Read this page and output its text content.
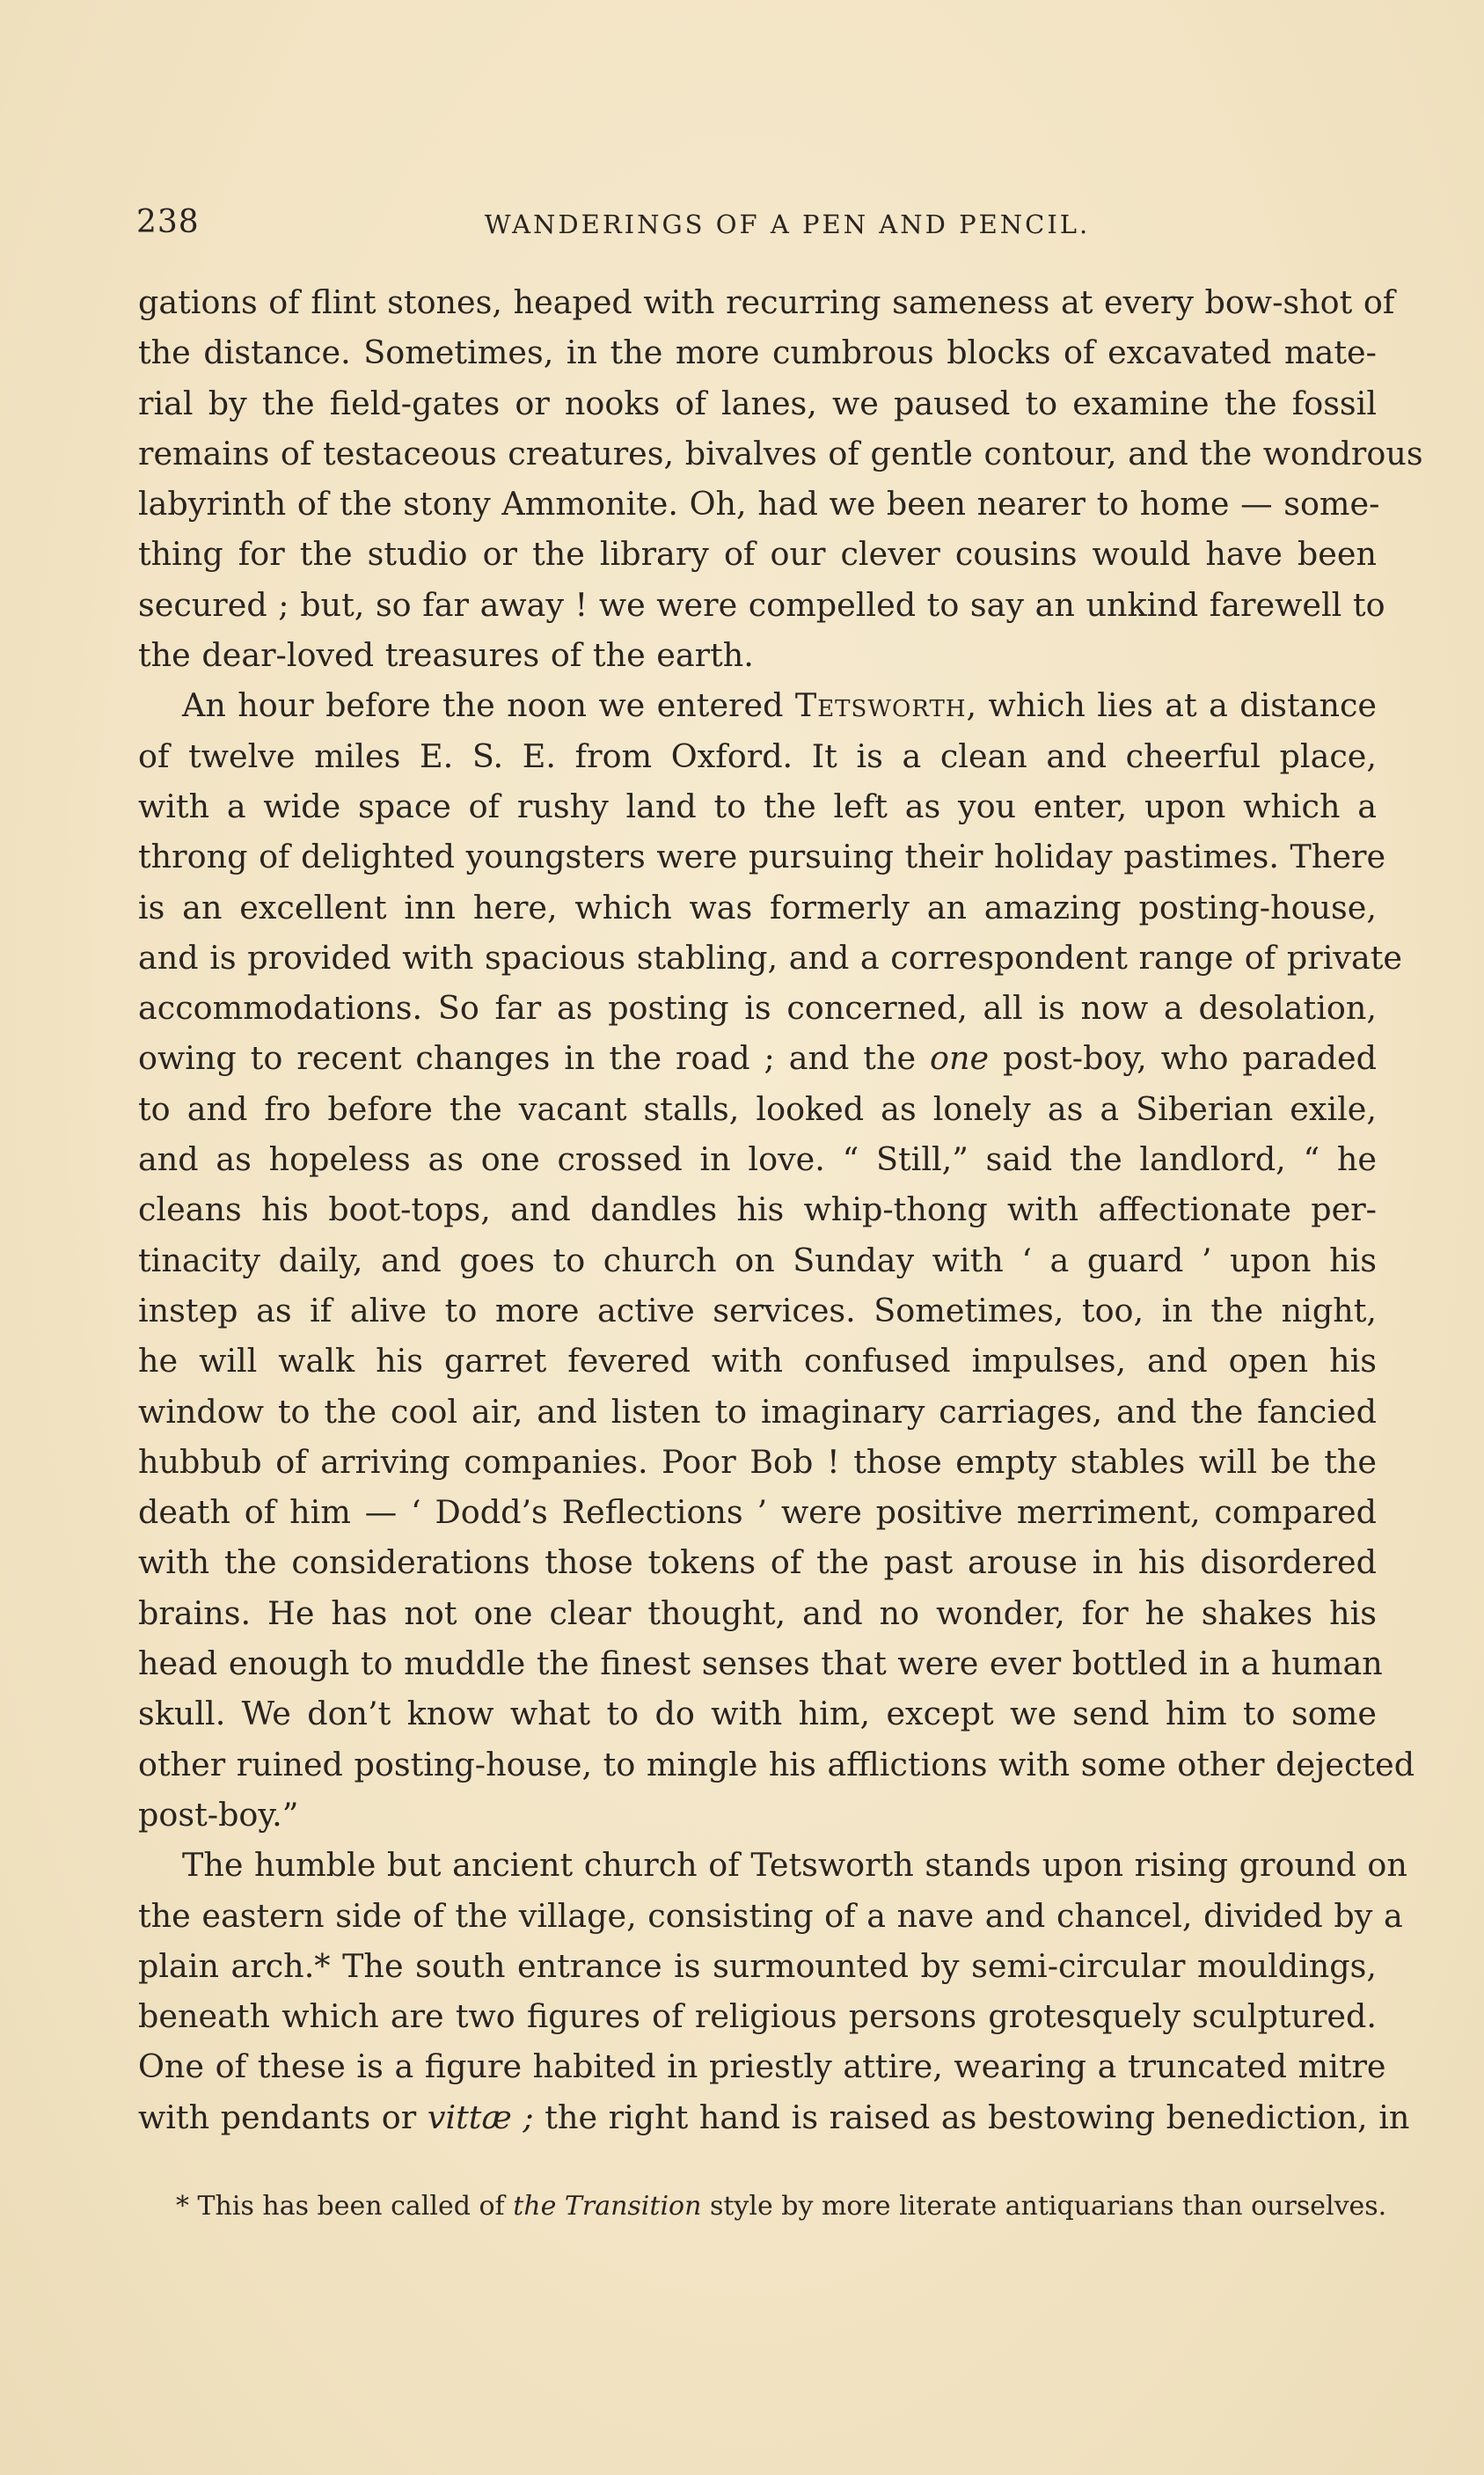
238	WANDERINGS OF A PEN AND PENCIL.
gations of flint stones, heaped with recurring sameness at every bow-shot of
the distance. Sometimes, in the more cumbrous blocks of excavated mate-
rial by the field-gates or nooks of lanes, we paused to examine the fossil
remains of testaceous creatures, bivalves of gentle contour, and the wondrous
labyrinth of the stony Ammonite. Oh, had we been nearer to home — some-
thing for the studio or the library of our clever cousins would have been
secured ; but, so far away ! we were compelled to say an unkind farewell to
the dear-loved treasures of the earth.
An hour before the noon we entered Tetsworth, which lies at a distance
of twelve miles E. S. E. from Oxford. It is a clean and cheerful place,
with a wide space of rushy land to the left as you enter, upon which a
throng of delighted youngsters were pursuing their holiday pastimes. There
is an excellent inn here, which was formerly an amazing posting-house,
and is provided with spacious stabling, and a correspondent range of private
accommodations. So far as posting is concerned, all is now a desolation,
owing to recent changes in the road ; and the one post-boy, who paraded
to and fro before the vacant stalls, looked as lonely as a Siberian exile,
and as hopeless as one crossed in love. “ Still,” said the landlord, “ he
cleans his boot-tops, and dandles his whip-thong with affectionate per-
tinacity daily, and goes to church on Sunday with ‘ a guard ’ upon his
instep as if alive to more active services. Sometimes, too, in the night,
he will walk his garret fevered with confused impulses, and open his
window to the cool air, and listen to imaginary carriages, and the fancied
hubbub of arriving companies. Poor Bob ! those empty stables will be the
death of him — ‘ Dodd’s Reflections ’ were positive merriment, compared
with the considerations those tokens of the past arouse in his disordered
brains. He has not one clear thought, and no wonder, for he shakes his
head enough to muddle the finest senses that were ever bottled in a human
skull. We don’t know what to do with him, except we send him to some
other ruined posting-house, to mingle his afflictions with some other dejected
post-boy.”
The humble but ancient church of Tetsworth stands upon rising ground on
the eastern side of the village, consisting of a nave and chancel, divided by a
plain arch.* The south entrance is surmounted by semi-circular mouldings,
beneath which are two figures of religious persons grotesquely sculptured.
One of these is a figure habited in priestly attire, wearing a truncated mitre
with pendants or vittæ ; the right hand is raised as bestowing benediction, in
* This has been called of the Transition style by more literate antiquarians than ourselves.
